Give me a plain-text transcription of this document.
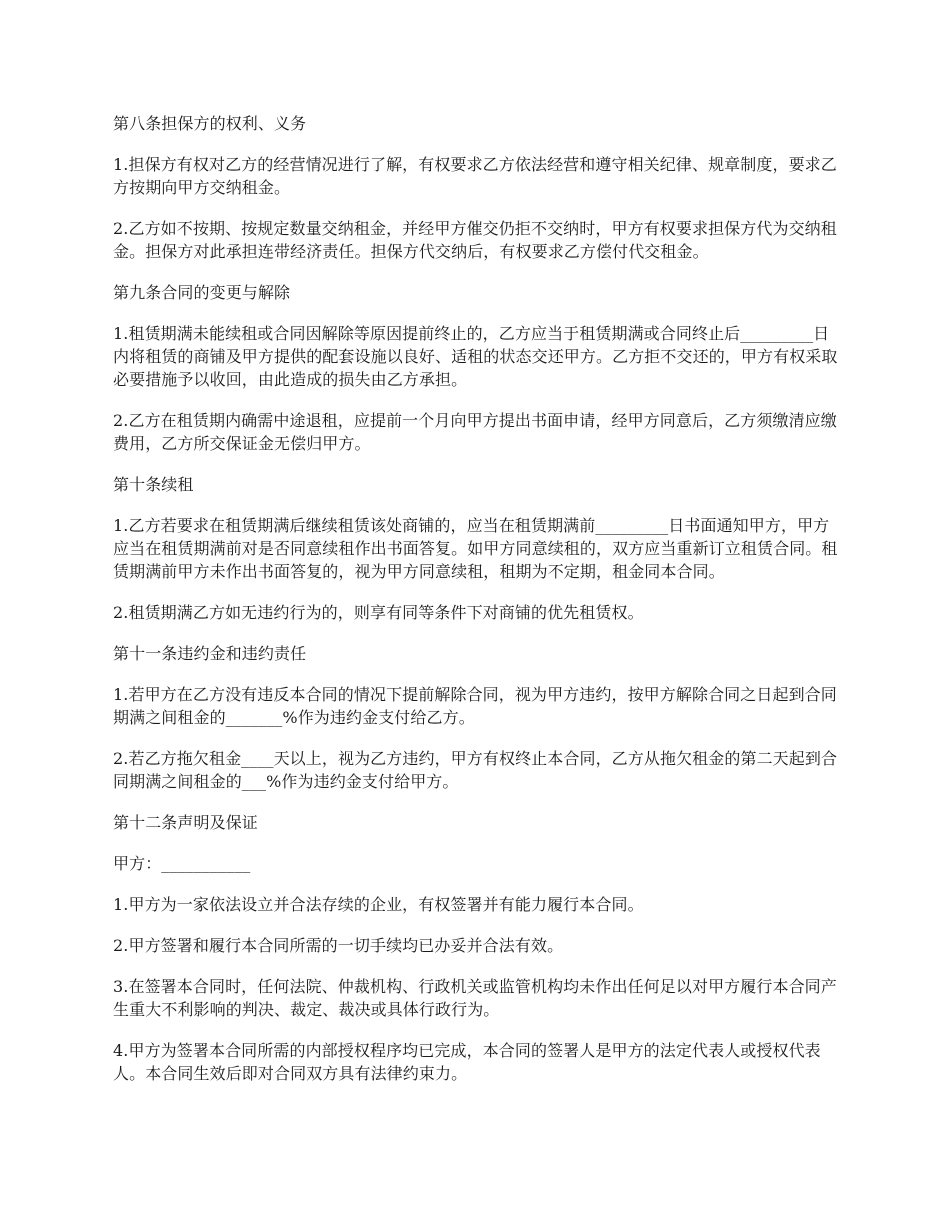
第八条担保方的权利、义务

1.担保方有权对乙方的经营情况进行了解，有权要求乙方依法经营和遵守相关纪律、规章制度，要求乙方按期向甲方交纳租金。

2.乙方如不按期、按规定数量交纳租金，并经甲方催交仍拒不交纳时，甲方有权要求担保方代为交纳租金。担保方对此承担连带经济责任。担保方代交纳后，有权要求乙方偿付代交租金。

第九条合同的变更与解除

1.租赁期满未能续租或合同因解除等原因提前终止的，乙方应当于租赁期满或合同终止后_________日内将租赁的商铺及甲方提供的配套设施以良好、适租的状态交还甲方。乙方拒不交还的，甲方有权采取必要措施予以收回，由此造成的损失由乙方承担。

2.乙方在租赁期内确需中途退租，应提前一个月向甲方提出书面申请，经甲方同意后，乙方须缴清应缴费用，乙方所交保证金无偿归甲方。

第十条续租

1.乙方若要求在租赁期满后继续租赁该处商铺的，应当在租赁期满前_________日书面通知甲方，甲方应当在租赁期满前对是否同意续租作出书面答复。如甲方同意续租的，双方应当重新订立租赁合同。租赁期满前甲方未作出书面答复的，视为甲方同意续租，租期为不定期，租金同本合同。

2.租赁期满乙方如无违约行为的，则享有同等条件下对商铺的优先租赁权。

第十一条违约金和违约责任

1.若甲方在乙方没有违反本合同的情况下提前解除合同，视为甲方违约，按甲方解除合同之日起到合同期满之间租金的_______%作为违约金支付给乙方。

2.若乙方拖欠租金____天以上，视为乙方违约，甲方有权终止本合同，乙方从拖欠租金的第二天起到合同期满之间租金的___%作为违约金支付给甲方。

第十二条声明及保证

甲方：___________

1.甲方为一家依法设立并合法存续的企业，有权签署并有能力履行本合同。

2.甲方签署和履行本合同所需的一切手续均已办妥并合法有效。

3.在签署本合同时，任何法院、仲裁机构、行政机关或监管机构均未作出任何足以对甲方履行本合同产生重大不利影响的判决、裁定、裁决或具体行政行为。

4.甲方为签署本合同所需的内部授权程序均已完成，本合同的签署人是甲方的法定代表人或授权代表人。本合同生效后即对合同双方具有法律约束力。
